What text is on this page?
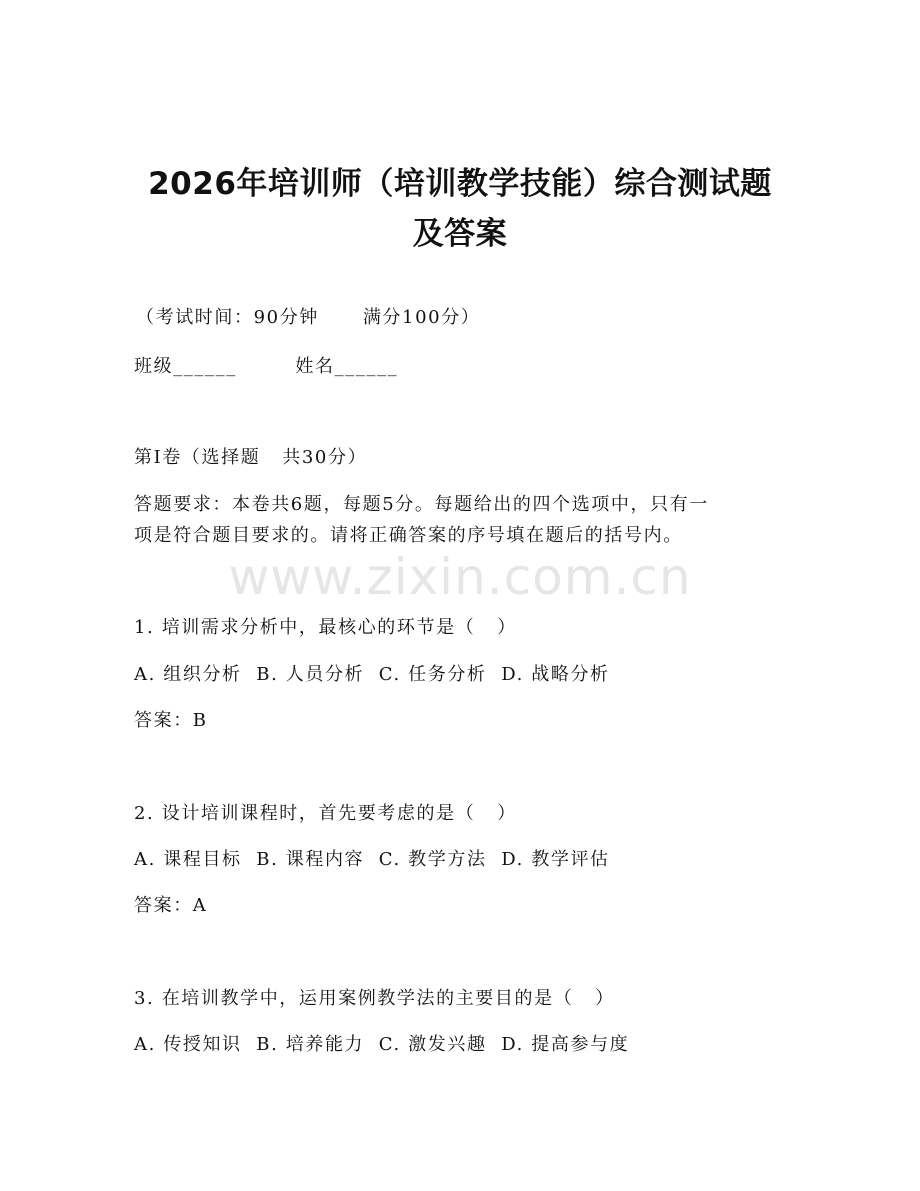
2026年培训师（培训教学技能）综合测试题
及答案
（考试时间：90分钟      满分100分）
班级______        姓名______
第I卷（选择题   共30分）
答题要求：本卷共6题，每题5分。每题给出的四个选项中，只有一
项是符合题目要求的。请将正确答案的序号填在题后的括号内。
www.zixin.com.cn
1. 培训需求分析中，最核心的环节是（   ）
A. 组织分析  B. 人员分析  C. 任务分析  D. 战略分析
答案：B
2. 设计培训课程时，首先要考虑的是（   ）
A. 课程目标  B. 课程内容  C. 教学方法  D. 教学评估
答案：A
3. 在培训教学中，运用案例教学法的主要目的是（   ）
A. 传授知识  B. 培养能力  C. 激发兴趣  D. 提高参与度
